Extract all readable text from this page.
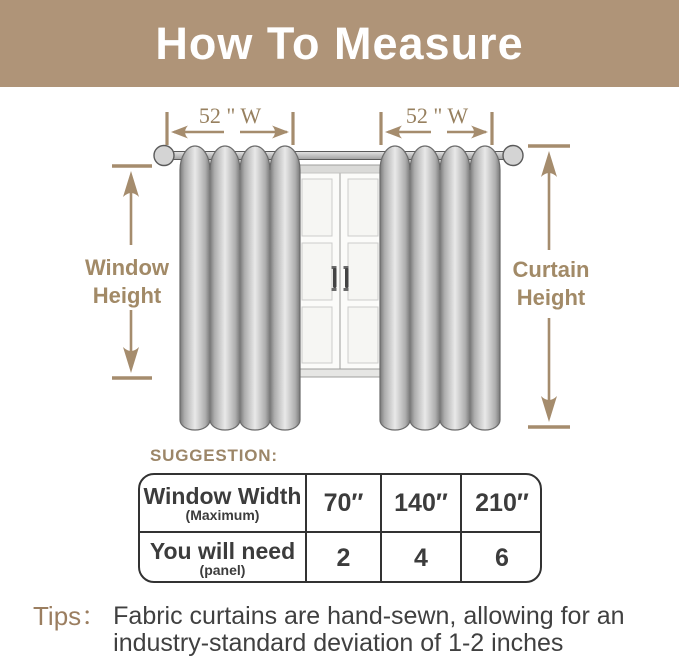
How To Measure
52 " W	52 " W
Window
Height
Curtain
Height
SUGGESTION:
Window Width
(Maximum)	70″ 140″ 210″
You will need
(panel)	2	4	6
Tips： Fabric curtains are hand-sewn, allowing for an
industry-standard deviation of 1-2 inches
